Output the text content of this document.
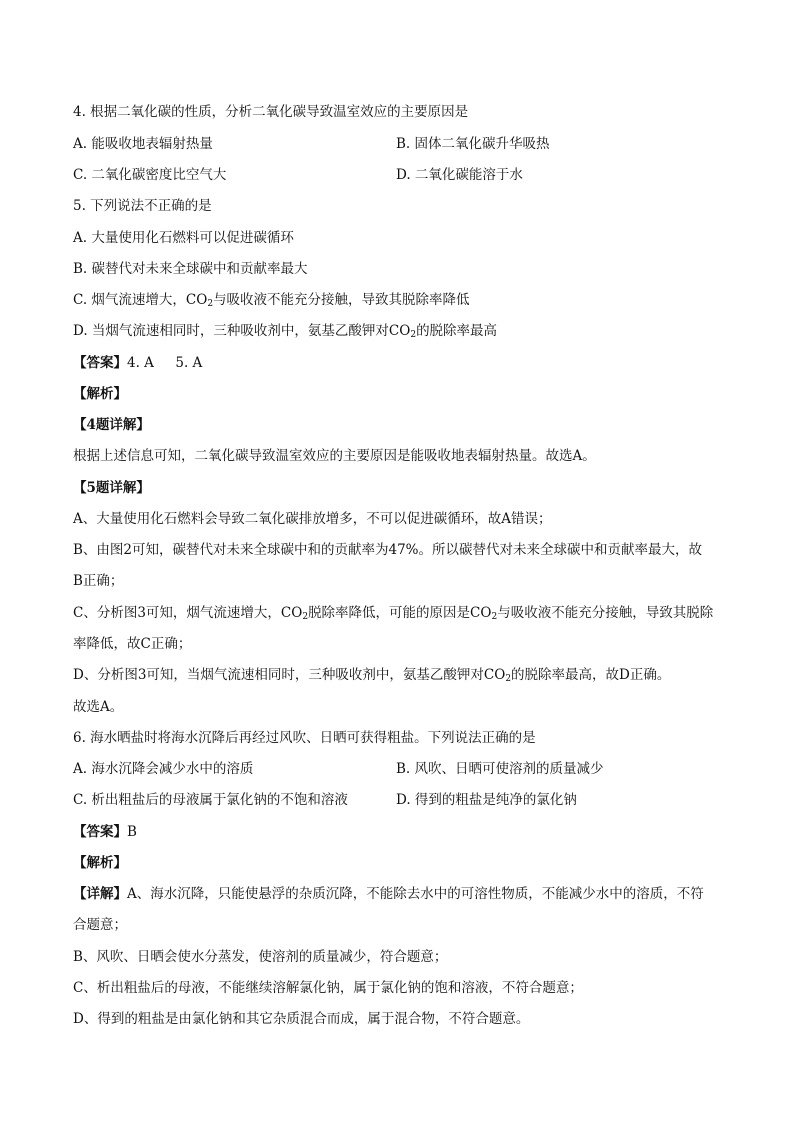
4. 根据二氧化碳的性质，分析二氧化碳导致温室效应的主要原因是
A. 能吸收地表辐射热量	B. 固体二氧化碳升华吸热
C. 二氧化碳密度比空气大	D. 二氧化碳能溶于水
5. 下列说法不正确的是
A. 大量使用化石燃料可以促进碳循环
B. 碳替代对未来全球碳中和贡献率最大
C. 烟气流速增大，$CO_2$与吸收液不能充分接触，导致其脱除率降低
D. 当烟气流速相同时，三种吸收剂中，氨基乙酸钾对$CO_2$的脱除率最高
【答案】4. A     5. A
【解析】
【4题详解】
根据上述信息可知，二氧化碳导致温室效应的主要原因是能吸收地表辐射热量。故选A。
【5题详解】
A、大量使用化石燃料会导致二氧化碳排放增多，不可以促进碳循环，故A错误；
B、由图2可知，碳替代对未来全球碳中和的贡献率为47%。所以碳替代对未来全球碳中和贡献率最大，故
B正确；
C、分析图3可知，烟气流速增大，$CO_2$脱除率降低，可能的原因是$CO_2$与吸收液不能充分接触，导致其脱除
率降低，故C正确；
D、分析图3可知，当烟气流速相同时，三种吸收剂中，氨基乙酸钾对$CO_2$的脱除率最高，故D正确。
故选A。
6. 海水晒盐时将海水沉降后再经过风吹、日晒可获得粗盐。下列说法正确的是
A. 海水沉降会减少水中的溶质	B. 风吹、日晒可使溶剂的质量减少
C. 析出粗盐后的母液属于氯化钠的不饱和溶液	D. 得到的粗盐是纯净的氯化钠
【答案】B
【解析】
【详解】A、海水沉降，只能使悬浮的杂质沉降，不能除去水中的可溶性物质，不能减少水中的溶质，不符
合题意；
B、风吹、日晒会使水分蒸发，使溶剂的质量减少，符合题意；
C、析出粗盐后的母液，不能继续溶解氯化钠，属于氯化钠的饱和溶液，不符合题意；
D、得到的粗盐是由氯化钠和其它杂质混合而成，属于混合物，不符合题意。
